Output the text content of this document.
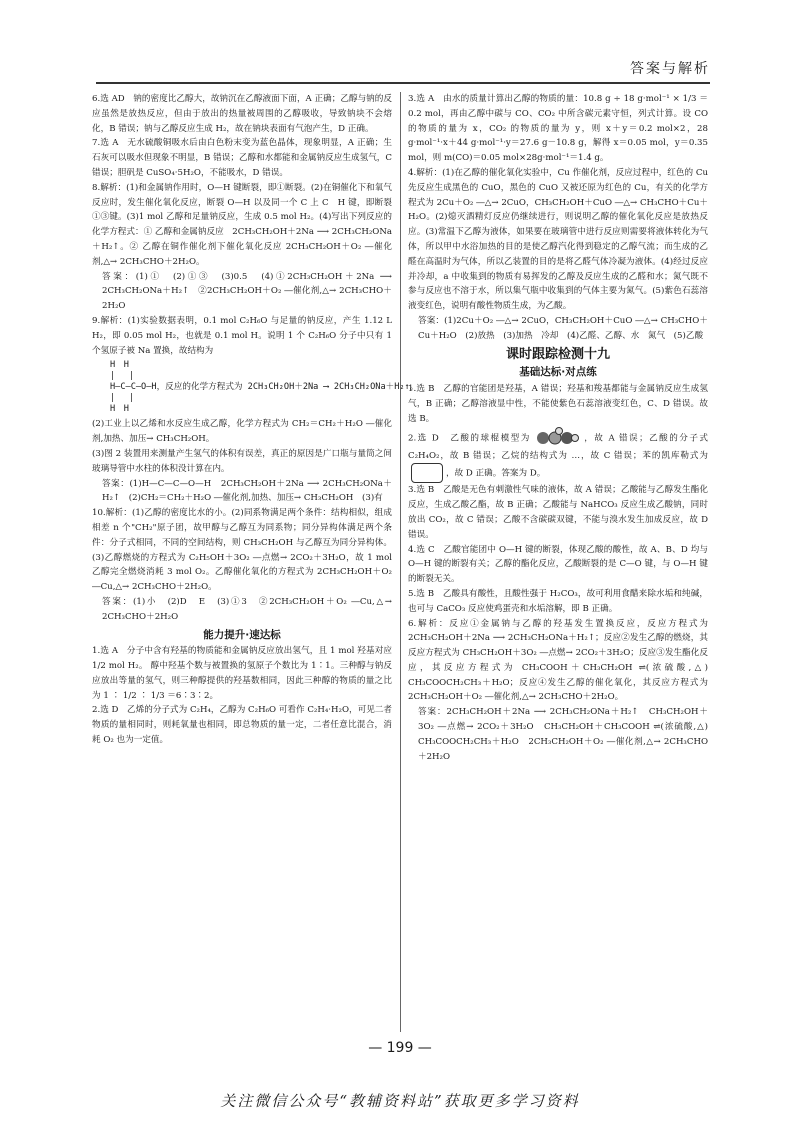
答案与解析

6.选 AD　钠的密度比乙醇大，故钠沉在乙醇液面下面，A 正确；乙醇与钠的反应虽然是放热反应，但由于放出的热量被周围的乙醇吸收，导致钠块不会熔化，B 错误；钠与乙醇反应生成 H₂，故在钠块表面有气泡产生，D 正确。

7.选 A　无水硫酸铜吸水后由白色粉末变为蓝色晶体，现象明显，A 正确；生石灰可以吸水但现象不明显，B 错误；乙醇和水都能和金属钠反应生成氢气，C 错误；胆矾是 CuSO₄·5H₂O，不能吸水，D 错误。

8.解析：(1)和金属钠作用时，O—H 键断裂，即①断裂。(2)在铜催化下和氧气反应时，发生催化氧化反应，断裂 O—H 以及同一个 C 上 C　H 键，即断裂①③键。(3)1 mol 乙醇和足量钠反应，生成 0.5 mol H₂。(4)写出下列反应的化学方程式：① 乙醇和金属钠反应　2CH₃CH₂OH＋2Na ⟶ 2CH₃CH₂ONa＋H₂↑。② 乙醇在铜作催化剂下催化氧化反应 2CH₃CH₂OH＋O₂ ―催化剂,△→ 2CH₃CHO＋2H₂O。

答案：(1)①　(2)①③　(3)0.5　(4)①2CH₃CH₂OH＋2Na ⟶ 2CH₃CH₂ONa＋H₂↑　②2CH₃CH₂OH＋O₂ ―催化剂,△→ 2CH₃CHO＋2H₂O

9.解析：(1)实验数据表明，0.1 mol C₂H₆O 与足量的钠反应，产生 1.12 L H₂，即 0.05 mol H₂，也就是 0.1 mol H。说明 1 个 C₂H₆O 分子中只有 1 个氢原子被 Na 置换，故结构为

H　H
|　 |
H—C—C—O—H，反应的化学方程式为 2CH₃CH₂OH＋2Na ⟶ 2CH₃CH₂ONa＋H₂↑。
|　 |
H　H

(2)工业上以乙烯和水反应生成乙醇，化学方程式为 CH₂＝CH₂＋H₂O ―催化剂,加热、加压→ CH₃CH₂OH。

(3)图 2 装置用来测量产生氢气的体积有误差，真正的原因是广口瓶与量筒之间玻璃导管中水柱的体积没计算在内。

答案：(1)H—C—C—O—H　2CH₃CH₂OH＋2Na ⟶ 2CH₃CH₂ONa＋H₂↑　(2)CH₂＝CH₂＋H₂O ―催化剂,加热、加压→ CH₃CH₂OH　(3)有

10.解析：(1)乙醇的密度比水的小。(2)同系物满足两个条件：结构相似，组成相差 n 个"CH₂"原子团，故甲醇与乙醇互为同系物；同分异构体满足两个条件：分子式相同，不同的空间结构，则 CH₃CH₂OH 与乙醇互为同分异构体。(3)乙醇燃烧的方程式为 C₂H₅OH＋3O₂ ―点燃→ 2CO₂＋3H₂O，故 1 mol 乙醇完全燃烧消耗 3 mol O₂。乙醇催化氧化的方程式为 2CH₃CH₂OH＋O₂ ―Cu,△→ 2CH₃CHO＋2H₂O。

答案：(1)小　(2)D　E　(3)①3　②2CH₃CH₂OH＋O₂ ―Cu,△→ 2CH₃CHO＋2H₂O

能力提升·速达标

1.选 A　分子中含有羟基的物质能和金属钠反应放出氢气，且 1 mol 羟基对应 1/2 mol H₂。 醇中羟基个数与被置换的氢原子个数比为 1∶1。三种醇与钠反应放出等量的氢气，则三种醇提供的羟基数相同，因此三种醇的物质的量之比为 1 ∶ 1/2 ∶ 1/3 ＝6∶3∶2。

2.选 D　乙烯的分子式为 C₂H₄，乙醇为 C₂H₆O 可看作 C₂H₄·H₂O，可见二者物质的量相同时，则耗氧量也相同，即总物质的量一定，二者任意比混合，消耗 O₂ 也为一定值。

3.选 A　由水的质量计算出乙醇的物质的量：10.8 g ÷ 18 g·mol⁻¹ × 1/3 ＝0.2 mol，再由乙醇中碳与 CO、CO₂ 中所含碳元素守恒，列式计算。设 CO 的物质的量为 x，CO₂ 的物质的量为 y，则 x＋y＝0.2 mol×2，28 g·mol⁻¹·x＋44 g·mol⁻¹·y＝27.6 g－10.8 g，解得 x＝0.05 mol，y＝0.35 mol，则 m(CO)＝0.05 mol×28g·mol⁻¹＝1.4 g。

4.解析：(1)在乙醇的催化氧化实验中，Cu 作催化剂，反应过程中，红色的 Cu 先反应生成黑色的 CuO，黑色的 CuO 又被还原为红色的 Cu，有关的化学方程式为 2Cu＋O₂ ―△→ 2CuO，CH₃CH₂OH＋CuO ―△→ CH₃CHO＋Cu＋H₂O。(2)熄灭酒精灯反应仍继续进行，则说明乙醇的催化氧化反应是放热反应。(3)常温下乙醇为液体，如果要在玻璃管中进行反应则需要将液体转化为气体，所以甲中水浴加热的目的是使乙醇汽化得到稳定的乙醇气流；而生成的乙醛在高温时为气体，所以乙装置的目的是将乙醛气体冷凝为液体。(4)经过反应并冷却，a 中收集到的物质有易挥发的乙醇及反应生成的乙醛和水；氮气既不参与反应也不溶于水，所以集气瓶中收集到的气体主要为氮气。(5)紫色石蕊溶液变红色，说明有酸性物质生成，为乙酸。

答案：(1)2Cu＋O₂ ―△→ 2CuO，CH₃CH₂OH＋CuO ―△→ CH₃CHO＋Cu＋H₂O　(2)放热　(3)加热　冷却　(4)乙醛、乙醇、水　氮气　(5)乙酸

课时跟踪检测十九
基础达标·对点练

1.选 B　乙醇的官能团是羟基，A 错误；羟基和羧基都能与金属钠反应生成氢气，B 正确；乙醇溶液显中性，不能使紫色石蕊溶液变红色，C、D 错误。故选 B。

2.选 D　乙酸的球棍模型为	，故 A 错误；乙酸的分子式 C₂H₄O₂，故 B 错误；乙烷的结构式为 …，故 C 错误；苯的凯库勒式为，故 D 正确。答案为 D。

3.选 B　乙酸是无色有刺激性气味的液体，故 A 错误；乙酸能与乙醇发生酯化反应，生成乙酸乙酯，故 B 正确；乙酸能与 NaHCO₃ 反应生成乙酸钠，同时放出 CO₂，故 C 错误；乙酸不含碳碳双键，不能与溴水发生加成反应，故 D 错误。

4.选 C　乙酸官能团中 O—H 键的断裂，体现乙酸的酸性，故 A、B、D 均与 O—H 键的断裂有关；乙醇的酯化反应，乙酸断裂的是 C—O 键，与 O—H 键的断裂无关。

5.选 B　乙酸具有酸性，且酸性强于 H₂CO₃，故可利用食醋来除水垢和纯碱，也可与 CaCO₃ 反应使鸡蛋壳和水垢溶解，即 B 正确。

6.解析：反应①金属钠与乙醇的羟基发生置换反应，反应方程式为 2CH₃CH₂OH＋2Na ⟶ 2CH₃CH₂ONa＋H₂↑；反应②发生乙醇的燃烧，其反应方程式为 CH₃CH₂OH＋3O₂ ―点燃→ 2CO₂＋3H₂O；反应③发生酯化反应，其反应方程式为 CH₃COOH＋CH₃CH₂OH ⇌(浓硫酸,△) CH₃COOCH₂CH₃＋H₂O；反应④发生乙醇的催化氧化，其反应方程式为 2CH₃CH₂OH＋O₂ ―催化剂,△→ 2CH₃CHO＋2H₂O。

答案：2CH₃CH₂OH＋2Na ⟶ 2CH₃CH₂ONa＋H₂↑　CH₃CH₂OH＋3O₂ ―点燃→ 2CO₂＋3H₂O　CH₃CH₂OH＋CH₃COOH ⇌(浓硫酸,△) CH₃COOCH₂CH₃＋H₂O　2CH₃CH₂OH＋O₂ ―催化剂,△→ 2CH₃CHO＋2H₂O

— 199 —
关注微信公众号“教辅资料站”获取更多学习资料
